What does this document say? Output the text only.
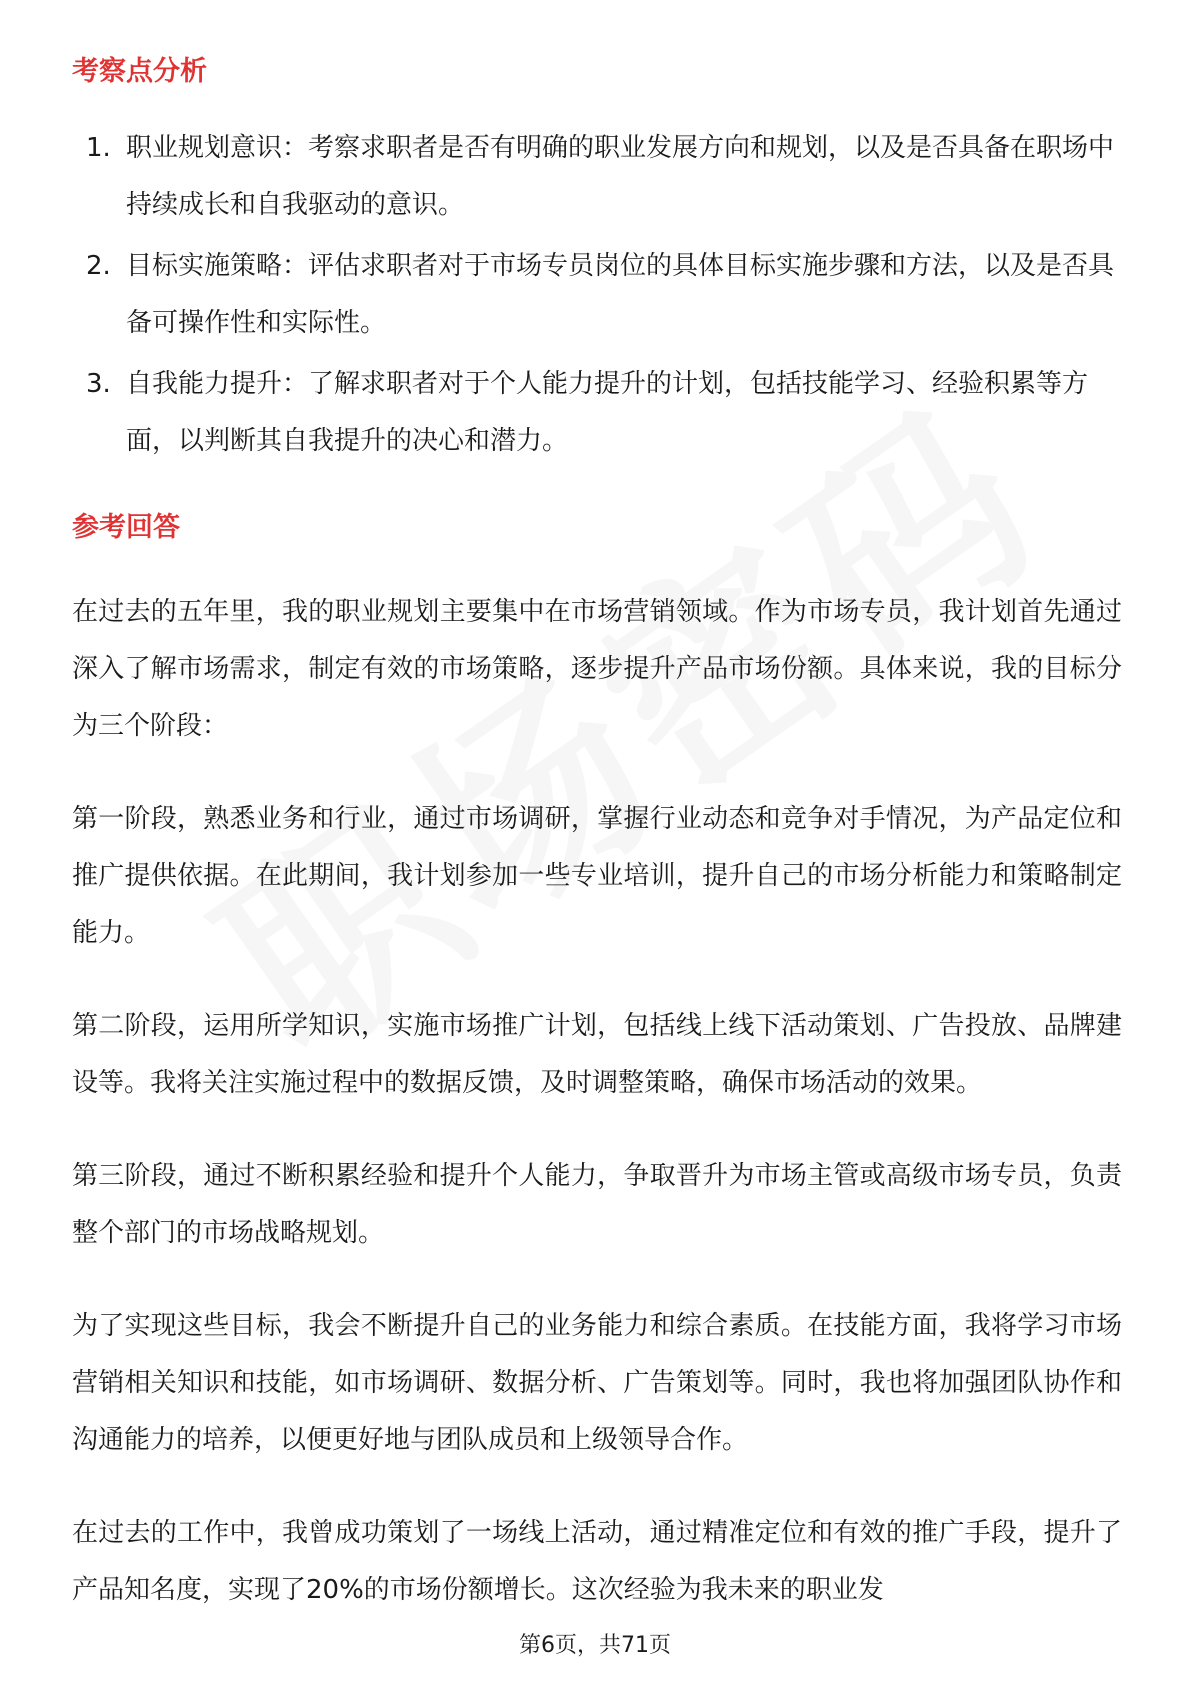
考察点分析
1. 职业规划意识：考察求职者是否有明确的职业发展方向和规划，以及是否具备在职场中持续成长和自我驱动的意识。
2. 目标实施策略：评估求职者对于市场专员岗位的具体目标实施步骤和方法，以及是否具备可操作性和实际性。
3. 自我能力提升：了解求职者对于个人能力提升的计划，包括技能学习、经验积累等方面，以判断其自我提升的决心和潜力。
参考回答

在过去的五年里，我的职业规划主要集中在市场营销领域。作为市场专员，我计划首先通过深入了解市场需求，制定有效的市场策略，逐步提升产品市场份额。具体来说，我的目标分为三个阶段：

第一阶段，熟悉业务和行业，通过市场调研，掌握行业动态和竞争对手情况，为产品定位和推广提供依据。在此期间，我计划参加一些专业培训，提升自己的市场分析能力和策略制定能力。

第二阶段，运用所学知识，实施市场推广计划，包括线上线下活动策划、广告投放、品牌建设等。我将关注实施过程中的数据反馈，及时调整策略，确保市场活动的效果。

第三阶段，通过不断积累经验和提升个人能力，争取晋升为市场主管或高级市场专员，负责整个部门的市场战略规划。

为了实现这些目标，我会不断提升自己的业务能力和综合素质。在技能方面，我将学习市场营销相关知识和技能，如市场调研、数据分析、广告策划等。同时，我也将加强团队协作和沟通能力的培养，以便更好地与团队成员和上级领导合作。

在过去的工作中，我曾成功策划了一场线上活动，通过精准定位和有效的推广手段，提升了产品知名度，实现了20%的市场份额增长。这次经验为我未来的职业发

第6页，共71页
